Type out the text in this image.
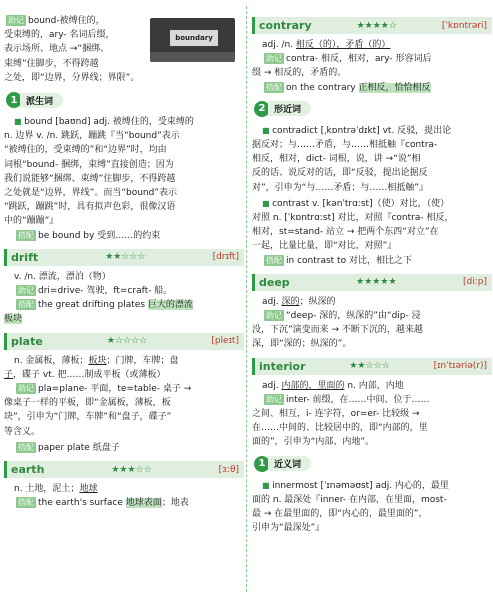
助记 bound-被缚住的，

受束缚的，ary- 名词后缀，

表示场所、地点 →“捆绑、

束缚”住脚步，不得跨越

之处，即“边界，分界线；界限”。

1 派生词

■ bound [baʊnd] adj. 被缚住的，受束缚的

n. 边界 v. /n. 跳跃，蹦跳『当“bound”表示

“被缚住的，受束缚的”和“边界”时，均由

词根“bound- 捆绑，束缚”直接创造；因为

我们说能够“捆绑、束缚”住脚步，不得跨越

之处就是“边界，界线”。而当“bound”表示

“跳跃，蹦跳”时，具有拟声色彩，很像汉语

中的“蹦蹦”』

搭配 be bound by 受到……的约束

drift	★★☆☆☆	[drɪft]

v. /n. 漂流，漂泊（物）

助记 dri=drive- 驾驶，ft=craft- 船。

搭配 the great drifting plates 巨大的漂流

板块

plate	★☆☆☆☆	[pleɪt]

n. 金属板，薄板；板块；门牌，车牌；盘

子，碟子 vt. 把……制成平板（或薄板）

助记 pla=plane- 平面，te=table- 桌子 →

像桌子一样的平板，即“金属板，薄板，板

块”，引申为“门牌，车牌”和“盘子，碟子”

等含义。

搭配 paper plate 纸盘子

earth	★★★☆☆	[ɜːθ]

n. 土地，泥土；地球

搭配 the earth's surface 地球表面；地表

boundary
contrary	★★★★☆	[ˈkɒntrəri]

adj. /n. 相反（的），矛盾（的）

助记 contra- 相反，相对，ary- 形容词后

缀 → 相反的，矛盾的。

搭配 on the contrary 正相反，恰恰相反

2 形近词

■ contradict [ˌkɒntrəˈdɪkt] vt. 反驳，提出论

据反对；与……矛盾，与……相抵触『contra-

相反，相对，dict- 词根，说，讲 →“说”相

反的话、说反对的话，即“反驳，提出论据反

对”，引申为“与……矛盾；与……相抵触”』

■ contrast v. [kənˈtrɑːst]（使）对比，（使）

对照 n. [ˈkɒntrɑːst] 对比，对照『contra- 相反，

相对，st=stand- 站立 → 把两个东西“对立”在

一起，比量比量，即“对比，对照”』

搭配 in contrast to 对比，相比之下

deep	★★★★★	[diːp]

adj. 深的；纵深的

助记 “deep- 深的，纵深的”由“dip- 浸

没，下沉”演变而来 → 不断下沉的，越来越

深，即“深的；纵深的”。

interior	★★☆☆☆	[ɪnˈtɪəriə(r)]

adj. 内部的，里面的 n. 内部，内地

助记 inter- 前缀，在……中间、位于……

之间、相互，i- 连字符，or=er- 比较级 →

在……中间的、比较居中的，即“内部的，里

面的”，引申为“内部、内地”。

1 近义词

■ innermost [ˈɪnəməʊst] adj. 内心的，最里

面的 n. 最深处『inner- 在内部，在里面，most-

最 → 在最里面的，即“内心的，最里面的”，

引申为“最深处”』
